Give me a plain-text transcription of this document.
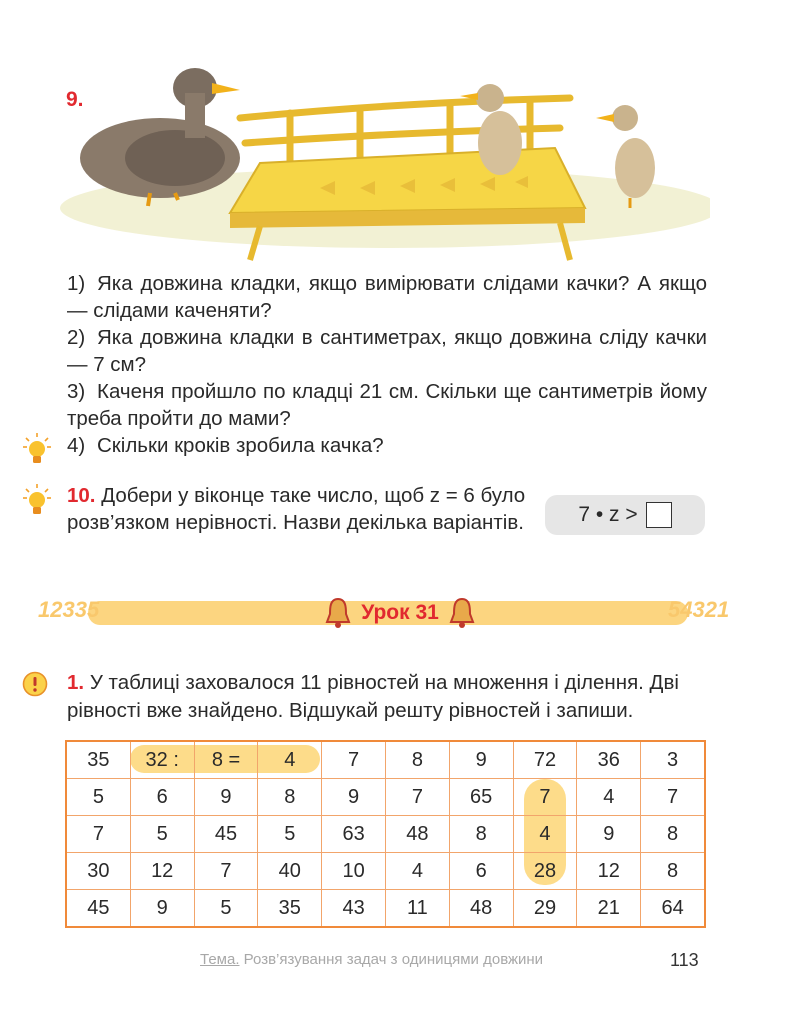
9.
1) Яка довжина кладки, якщо вимірювати слідами качки? А якщо — слідами каченяти?
2) Яка довжина кладки в сантиметрах, якщо довжина сліду качки — 7 см?
3) Каченя пройшло по кладці 21 см. Скільки ще сантиметрів йому треба пройти до мами?
4) Скільки кроків зробила качка?
10. Добери у віконце таке число, щоб z = 6 було розв’язком нерівності. Назви декілька варіантів.	7 • z >
12335	54321
Урок 31
1. У таблиці заховалося 11 рівностей на множення і ділення. Дві рівності вже знайдено. Відшукай решту рівностей і запиши.
35	32 :	8 =	4	7	8	9	72	36	3
5	6	9	8	9	7	65	7	4	7
7	5	45	5	63	48	8	4	9	8
30	12	7	40	10	4	6	28	12	8
45	9	5	35	43	11	48	29	21	64
Тема. Розв’язування задач з одиницями довжини	113
